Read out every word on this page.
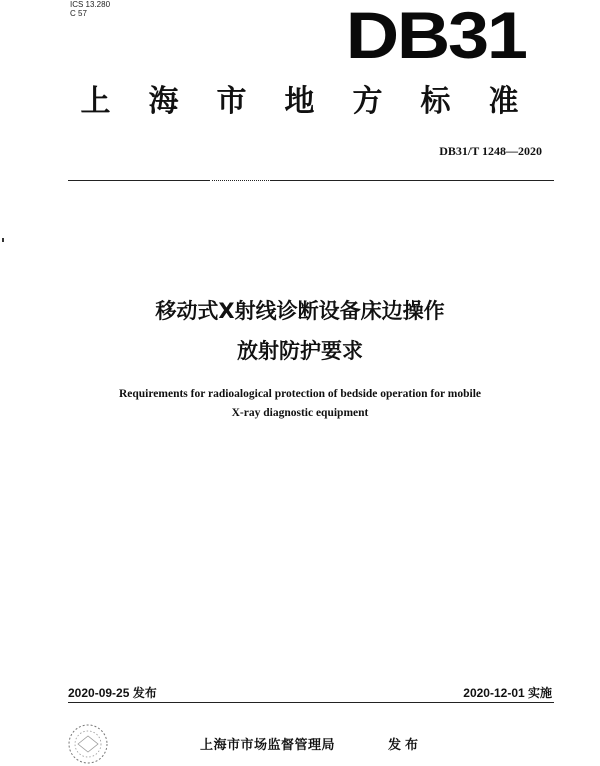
ICS 13.280
C 57	DB31
上	海	市	地	方	标	准
DB31/T 1248—2020
移动式X射线诊断设备床边操作
放射防护要求
Requirements for radioalogical protection of bedside operation for mobile
X-ray diagnostic equipment
2020-09-25 发布	2020-12-01 实施
上海市市场监督管理局	发布
